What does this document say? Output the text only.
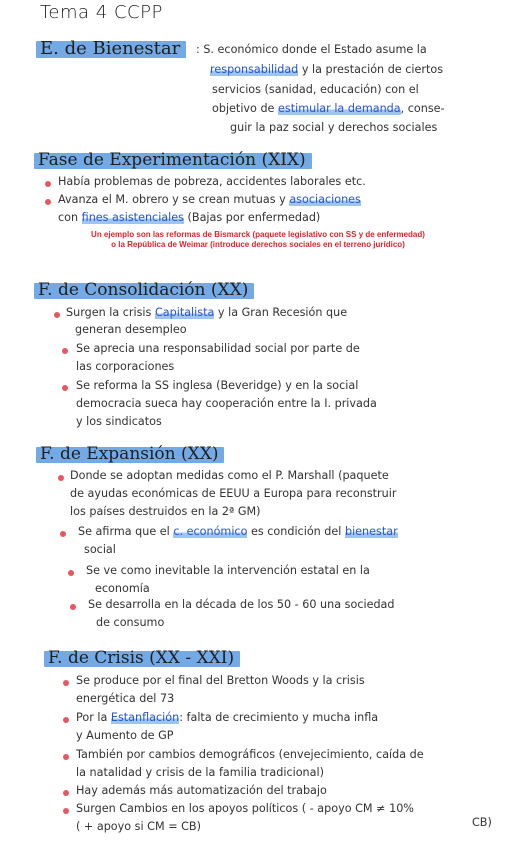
Tema 4 CCPP
E. de Bienestar : S. económico donde el Estado asume la
responsabilidad y la prestación de ciertos
servicios (sanidad, educación) con el
objetivo de estimular la demanda, conse-
guir la paz social y derechos sociales
Fase de Experimentación (XIX)
Había problemas de pobreza, accidentes laborales etc.
Avanza el M. obrero y se crean mutuas y asociaciones
con fines asistenciales (Bajas por enfermedad)
Un ejemplo son las reformas de Bismarck (paquete legislativo con SS y de enfermedad) o la República de Weimar (introduce derechos sociales en el terreno jurídico)
F. de Consolidación (XX)
Surgen la crisis Capitalista y la Gran Recesión que
generan desempleo
Se aprecia una responsabilidad social por parte de
las corporaciones
Se reforma la SS inglesa (Beveridge) y en la social
democracia sueca hay cooperación entre la I. privada
y los sindicatos
F. de Expansión (XX)
Donde se adoptan medidas como el P. Marshall (paquete
de ayudas económicas de EEUU a Europa para reconstruir
los países destruidos en la 2ª GM)
Se afirma que el c. económico es condición del bienestar
social
Se ve como inevitable la intervención estatal en la
economía
Se desarrolla en la década de los 50 - 60 una sociedad
de consumo
F. de Crisis (XX - XXI)
Se produce por el final del Bretton Woods y la crisis
energética del 73
Por la Estanflación: falta de crecimiento y mucha infla
y Aumento de GP
También por cambios demográficos (envejecimiento, caída de
la natalidad y crisis de la familia tradicional)
Hay además más automatización del trabajo
Surgen Cambios en los apoyos políticos ( - apoyo CM ≠ 10%
CB)
( + apoyo si CM = CB)
